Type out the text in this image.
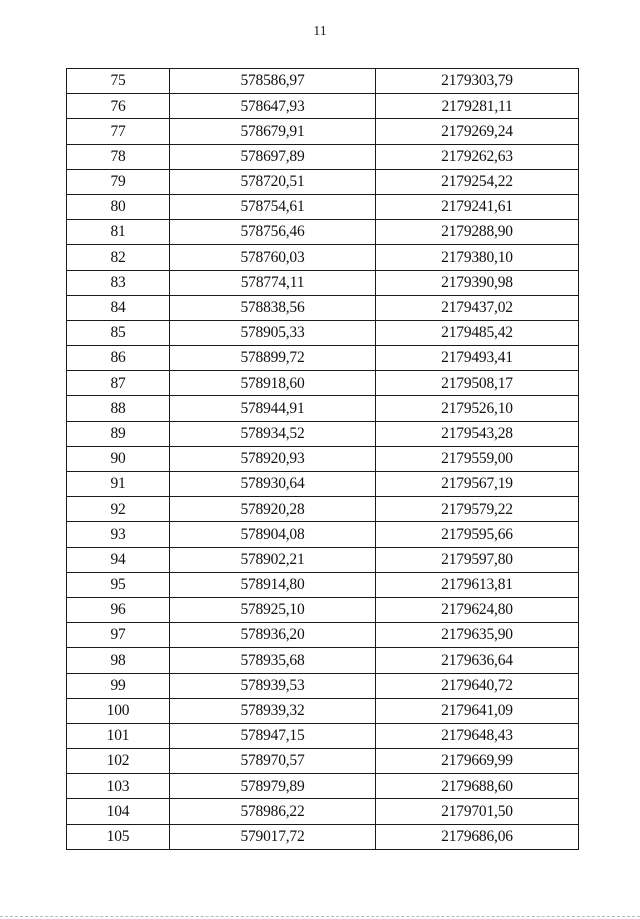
11
75	578586,97	2179303,79
76	578647,93	2179281,11
77	578679,91	2179269,24
78	578697,89	2179262,63
79	578720,51	2179254,22
80	578754,61	2179241,61
81	578756,46	2179288,90
82	578760,03	2179380,10
83	578774,11	2179390,98
84	578838,56	2179437,02
85	578905,33	2179485,42
86	578899,72	2179493,41
87	578918,60	2179508,17
88	578944,91	2179526,10
89	578934,52	2179543,28
90	578920,93	2179559,00
91	578930,64	2179567,19
92	578920,28	2179579,22
93	578904,08	2179595,66
94	578902,21	2179597,80
95	578914,80	2179613,81
96	578925,10	2179624,80
97	578936,20	2179635,90
98	578935,68	2179636,64
99	578939,53	2179640,72
100	578939,32	2179641,09
101	578947,15	2179648,43
102	578970,57	2179669,99
103	578979,89	2179688,60
104	578986,22	2179701,50
105	579017,72	2179686,06
